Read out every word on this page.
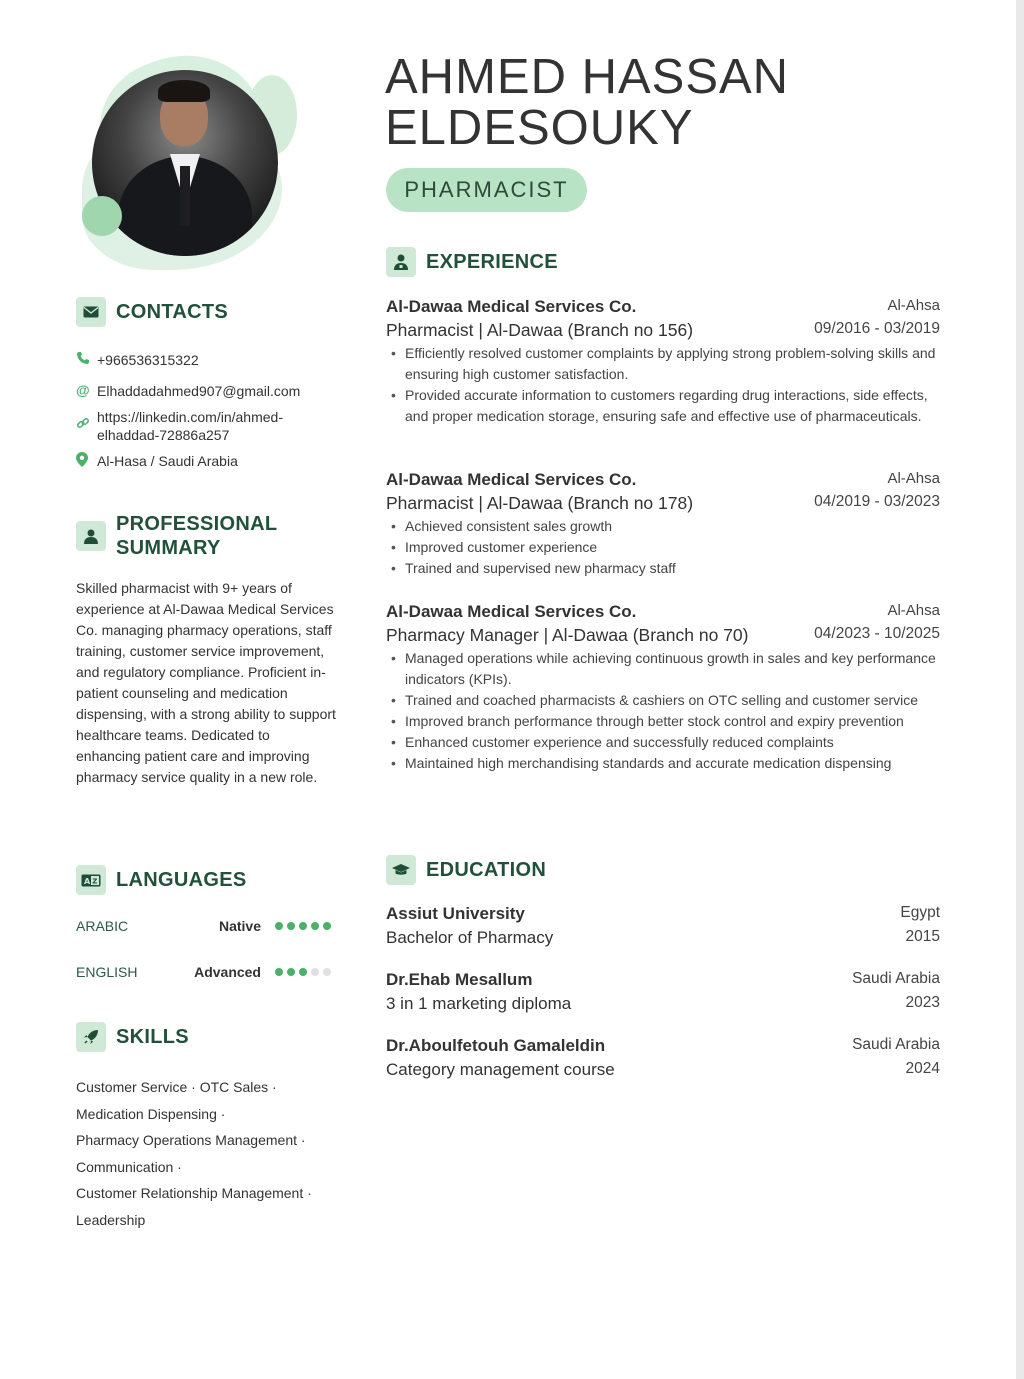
AHMED HASSAN
ELDESOUKY
PHARMACIST
CONTACTS
+966536315322
@ Elhaddadahmed907@gmail.com
https://linkedin.com/in/ahmed-
elhaddad-72886a257
Al-Hasa / Saudi Arabia
PROFESSIONAL
SUMMARY
Skilled pharmacist with 9+ years of experience at Al-Dawaa Medical Services Co. managing pharmacy operations, staff training, customer service improvement, and regulatory compliance. Proficient in-patient counseling and medication dispensing, with a strong ability to support healthcare teams. Dedicated to enhancing patient care and improving pharmacy service quality in a new role.
A Z LANGUAGES
ARABIC	Native
ENGLISH	Advanced
SKILLS
Customer Service · OTC Sales ·
Medication Dispensing ·
Pharmacy Operations Management ·
Communication ·
Customer Relationship Management ·
Leadership
EXPERIENCE
Al-Dawaa Medical Services Co.	Al-Ahsa
Pharmacist | Al-Dawaa (Branch no 156)	09/2016 - 03/2019
• Efficiently resolved customer complaints by applying strong problem-solving skills and ensuring high customer satisfaction.
• Provided accurate information to customers regarding drug interactions, side effects, and proper medication storage, ensuring safe and effective use of pharmaceuticals.
Al-Dawaa Medical Services Co.	Al-Ahsa
Pharmacist | Al-Dawaa (Branch no 178)	04/2019 - 03/2023
• Achieved consistent sales growth
• Improved customer experience
• Trained and supervised new pharmacy staff
Al-Dawaa Medical Services Co.	Al-Ahsa
Pharmacy Manager | Al-Dawaa (Branch no 70)	04/2023 - 10/2025
• Managed operations while achieving continuous growth in sales and key performance indicators (KPIs).
• Trained and coached pharmacists & cashiers on OTC selling and customer service
• Improved branch performance through better stock control and expiry prevention
• Enhanced customer experience and successfully reduced complaints
• Maintained high merchandising standards and accurate medication dispensing
EDUCATION
Assiut University	Egypt
Bachelor of Pharmacy	2015
Dr.Ehab Mesallum	Saudi Arabia
3 in 1 marketing diploma	2023
Dr.Aboulfetouh Gamaleldin	Saudi Arabia
Category management course	2024
